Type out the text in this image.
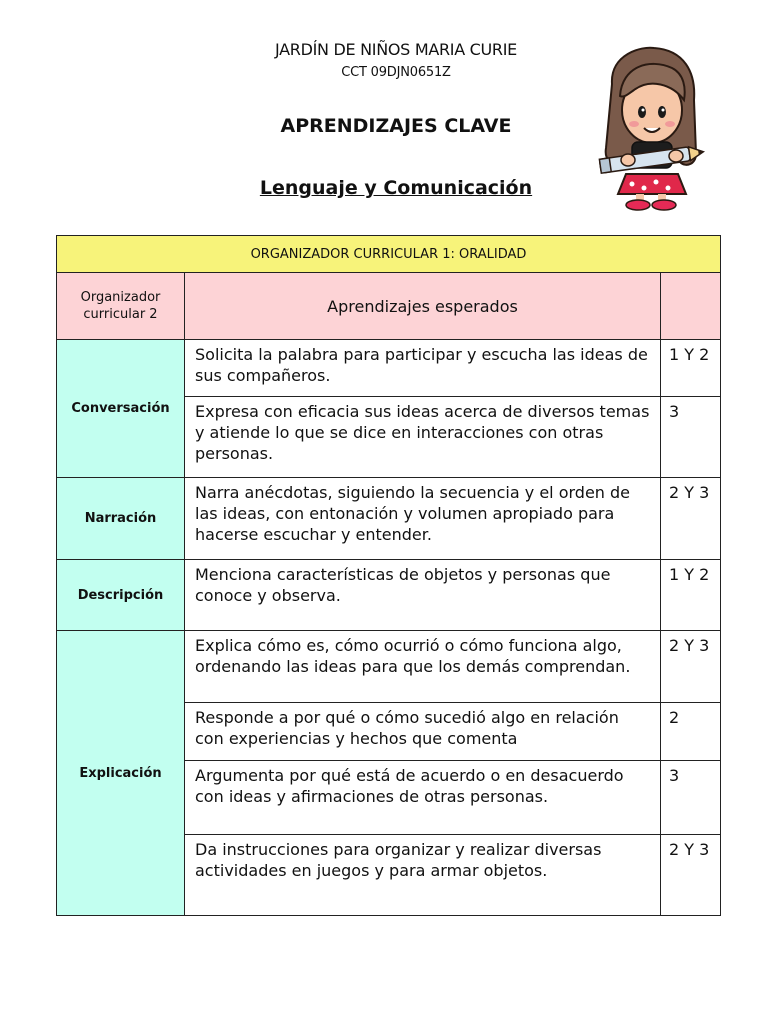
JARDÍN DE NIÑOS MARIA CURIE
CCT 09DJN0651Z
APRENDIZAJES CLAVE
Lenguaje y Comunicación
ORGANIZADOR CURRICULAR 1: ORALIDAD		
Organizador curricular 2	Aprendizajes esperados	
Conversación	Solicita la palabra para participar y escucha las ideas de sus compañeros.	1 Y 2
	Expresa con eficacia sus ideas acerca de diversos temas y atiende lo que se dice en interacciones con otras personas.	3
Narración	Narra anécdotas, siguiendo la secuencia y el orden de las ideas, con entonación y volumen apropiado para hacerse escuchar y entender.	2 Y 3
Descripción	Menciona características de objetos y personas que conoce y observa.	1 Y 2
Explicación	Explica cómo es, cómo ocurrió o cómo funciona algo, ordenando las ideas para que los demás comprendan.	2 Y 3
	Responde a por qué o cómo sucedió algo en relación con experiencias y hechos que comenta	2
	Argumenta por qué está de acuerdo o en desacuerdo con ideas y afirmaciones de otras personas.	3
	Da instrucciones para organizar y realizar diversas actividades en juegos y para armar objetos.	2 Y 3
